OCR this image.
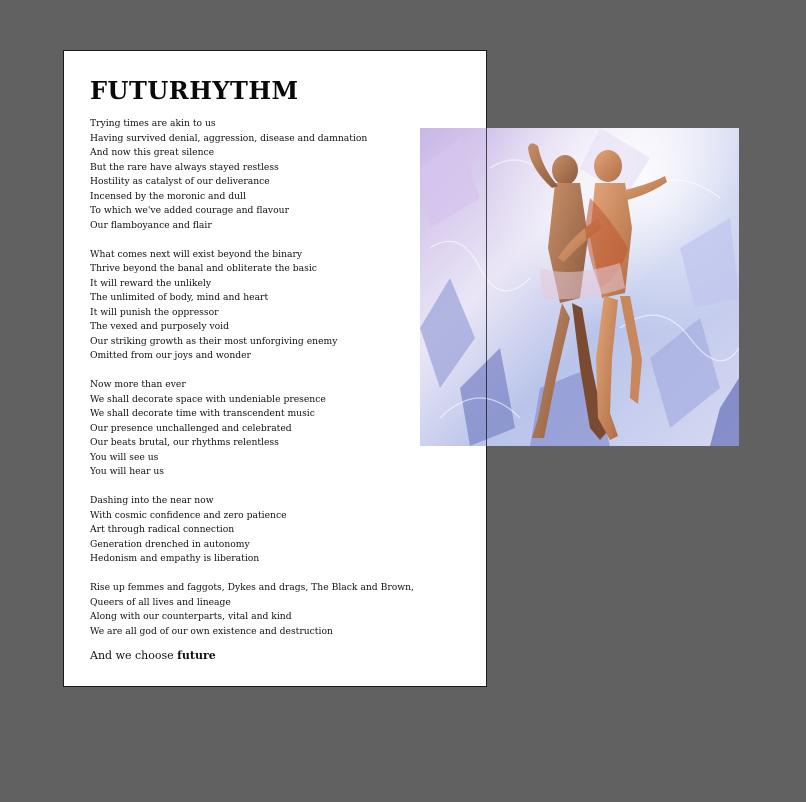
FUTURHYTHM
Trying times are akin to us
Having survived denial, aggression, disease and damnation
And now this great silence
But the rare have always stayed restless
Hostility as catalyst of our deliverance
Incensed by the moronic and dull
To which we've added courage and flavour
Our flamboyance and flair
What comes next will exist beyond the binary
Thrive beyond the banal and obliterate the basic
It will reward the unlikely
The unlimited of body, mind and heart
It will punish the oppressor
The vexed and purposely void
Our striking growth as their most unforgiving enemy
Omitted from our joys and wonder
Now more than ever
We shall decorate space with undeniable presence
We shall decorate time with transcendent music
Our presence unchallenged and celebrated
Our beats brutal, our rhythms relentless
You will see us
You will hear us
Dashing into the near now
With cosmic confidence and zero patience
Art through radical connection
Generation drenched in autonomy
Hedonism and empathy is liberation
Rise up femmes and faggots, Dykes and drags, The Black and Brown,
Queers of all lives and lineage
Along with our counterparts, vital and kind
We are all god of our own existence and destruction
And we choose future
